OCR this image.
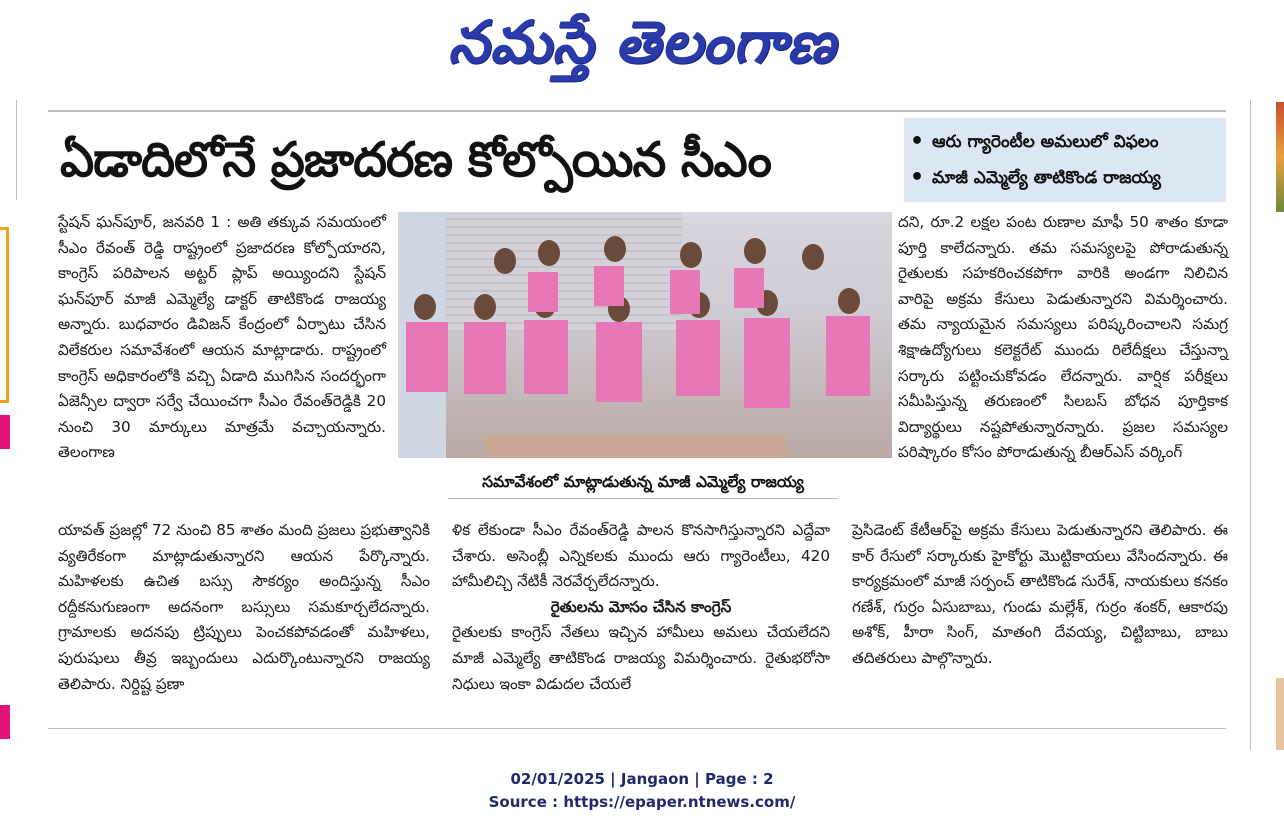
నమస్తే తెలంగాణ
ఏడాదిలోనే ప్రజాదరణ కోల్పోయిన సీఎం
•	ఆరు గ్యారెంటీల అమలులో విఫలం
• మాజీ ఎమ్మెల్యే తాటికొండ రాజయ్య

స్టేషన్ ఘన్‌పూర్, జనవరి 1 : అతి తక్కువ సమయంలో సీఎం రేవంత్ రెడ్డి రాష్ట్రంలో ప్రజాదరణ కోల్పోయారని, కాంగ్రెస్ పరిపాలన అట్టర్ ప్లాప్ అయ్యిందని స్టేషన్ ఘన్‌పూర్ మాజీ ఎమ్మెల్యే డాక్టర్ తాటికొండ రాజయ్య అన్నారు. బుధవారం డివిజన్ కేంద్రంలో ఏర్పాటు చేసిన విలేకరుల సమావేశంలో ఆయన మాట్లాడారు. రాష్ట్రంలో కాంగ్రెస్ అధికారంలోకి వచ్చి ఏడాది ముగిసిన సందర్భంగా ఏజెన్సీల ద్వారా సర్వే చేయించగా సీఎం రేవంత్‌రెడ్డికి 20 నుంచి 30 మార్కులు మాత్రమే వచ్చాయన్నారు. తెలంగాణ

సమావేశంలో మాట్లాడుతున్న మాజీ ఎమ్మెల్యే రాజయ్య

యావత్ ప్రజల్లో 72 నుంచి 85 శాతం మంది ప్రజలు ప్రభుత్వానికి వ్యతిరేకంగా మాట్లాడుతున్నారని ఆయన పేర్కొన్నారు. మహిళలకు ఉచిత బస్సు సౌకర్యం అందిస్తున్న సీఎం రద్దీకనుగుణంగా అదనంగా బస్సులు సమకూర్చలేదన్నారు. గ్రామాలకు అదనపు ట్రిప్పులు పెంచకపోవడంతో మహిళలు, పురుషులు తీవ్ర ఇబ్బందులు ఎదుర్కొంటున్నారని రాజయ్య తెలిపారు. నిర్దిష్ట ప్రణా

ళిక లేకుండా సీఎం రేవంత్‌రెడ్డి పాలన కొనసాగిస్తున్నారని ఎద్దేవా చేశారు. అసెంబ్లీ ఎన్నికలకు ముందు ఆరు గ్యారెంటీలు, 420 హామీలిచ్చి నేటికీ నెరవేర్చలేదన్నారు.

రైతులను మోసం చేసిన కాంగ్రెస్

రైతులకు కాంగ్రెస్ నేతలు ఇచ్చిన హామీలు అమలు చేయలేదని మాజీ ఎమ్మెల్యే తాటికొండ రాజయ్య విమర్శించారు. రైతుభరోసా నిధులు ఇంకా విడుదల చేయలే

దని, రూ.2 లక్షల పంట రుణాల మాఫీ 50 శాతం కూడా పూర్తి కాలేదన్నారు. తమ సమస్యలపై పోరాడుతున్న రైతులకు సహకరించకపోగా వారికి అండగా నిలిచిన వారిపై అక్రమ కేసులు పెడుతున్నారని విమర్శించారు. తమ న్యాయమైన సమస్యలు పరిష్కరించాలని సమగ్ర శిక్షాఉద్యోగులు కలెక్టరేట్ ముందు రిలేదీక్షలు చేస్తున్నా సర్కారు పట్టించుకోవడం లేదన్నారు. వార్షిక పరీక్షలు సమీపిస్తున్న తరుణంలో సిలబస్ బోధన పూర్తికాక విద్యార్థులు నష్టపోతున్నారన్నారు. ప్రజల సమస్యల పరిష్కారం కోసం పోరాడుతున్న బీఆర్ఎస్ వర్కింగ్

ప్రెసిడెంట్ కేటీఆర్‌పై అక్రమ కేసులు పెడుతున్నారని తెలిపారు. ఈ కార్ రేసులో సర్కారుకు హైకోర్టు మొట్టికాయలు వేసిందన్నారు. ఈ కార్యక్రమంలో మాజీ సర్పంచ్ తాటికొండ సురేశ్, నాయకులు కనకం గణేశ్, గుర్రం ఏసుబాబు, గుండు మల్లేశ్, గుర్రం శంకర్, ఆకారపు అశోక్, హీరా సింగ్, మాతంగి దేవయ్య, చిట్టిబాబు, బాబు తదితరులు పాల్గొన్నారు.

02/01/2025 | Jangaon | Page : 2
Source : https://epaper.ntnews.com/
